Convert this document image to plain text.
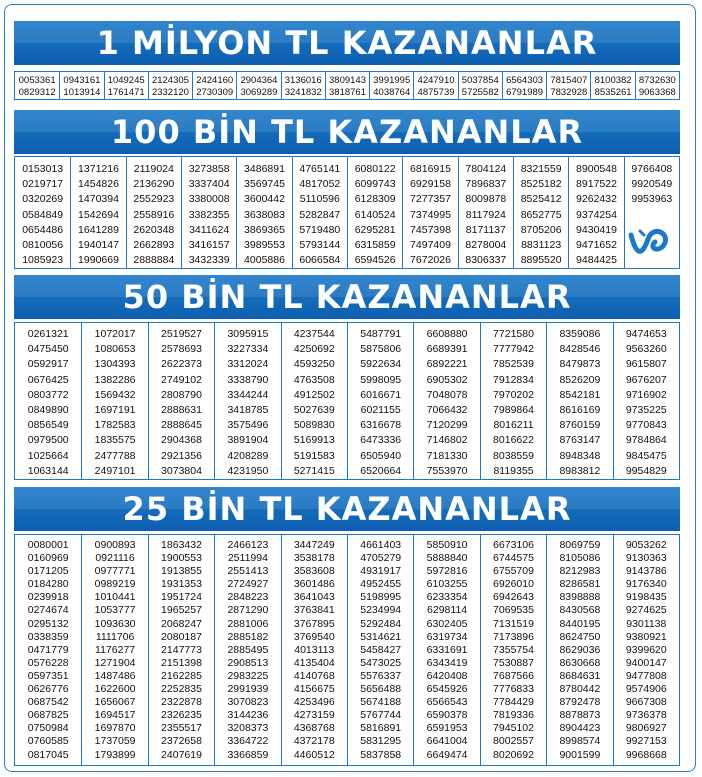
1 MİLYON TL KAZANANLAR
0053361
0829312
0943161
1013914
1049245
1761471
2124305
2332120
2424160
2730309
2904364
3069289
3136016
3241832
3809143
3818761
3991995
4038764
4247910
4875739
5037854
5725582
6564303
6791989
7815407
7832928
8100382
8535261
8732630
9063368
100 BİN TL KAZANANLAR
0153013
0219717
0320269
0584849
0654486
0810056
1085923
1371216
1454826
1470394
1542694
1641289
1940147
1990669
2119024
2136290
2552923
2558916
2620348
2662893
2888884
3273858
3337404
3380008
3382355
3411624
3416157
3432339
3486891
3569745
3600442
3638083
3869365
3989553
4005886
4765141
4817052
5110596
5282847
5719480
5793144
6066584
6080122
6099743
6128309
6140524
6295281
6315859
6594526
6816915
6929158
7277357
7374995
7457398
7497409
7672026
7804124
7896837
8009878
8117924
8171137
8278004
8306337
8321559
8525182
8525412
8652775
8705206
8831123
8895520
8900548
8917522
9262432
9374254
9430419
9471652
9484425
9766408
9920549
9953963
50 BİN TL KAZANANLAR
0261321
0475450
0592917
0676425
0803772
0849890
0856549
0979500
1025664
1063144
1072017
1080653
1304393
1382286
1569432
1697191
1782583
1835575
2477788
2497101
2519527
2578693
2622373
2749102
2808790
2888631
2888645
2904368
2921356
3073804
3095915
3227334
3312024
3338790
3344244
3418785
3575496
3891904
4208289
4231950
4237544
4250692
4593250
4763508
4912502
5027639
5089830
5169913
5191583
5271415
5487791
5875806
5922634
5998095
6016671
6021155
6316678
6473336
6505940
6520664
6608880
6689391
6892221
6905302
7048078
7066432
7120299
7146802
7181330
7553970
7721580
7777942
7852539
7912834
7970202
7989864
8016211
8016622
8038559
8119355
8359086
8428546
8479873
8526209
8542181
8616169
8760159
8763147
8948348
8983812
9474653
9563260
9615807
9676207
9716902
9735225
9770843
9784864
9845475
9954829
25 BİN TL KAZANANLAR
0080001
0160969
0171205
0184280
0239918
0274674
0295132
0338359
0471779
0576228
0597351
0626776
0687542
0687825
0750984
0760585
0817045
0900893
0921116
0977771
0989219
1010441
1053777
1093630
1111706
1176277
1271904
1487486
1622600
1656067
1694517
1697870
1737059
1793899
1863432
1900553
1913855
1931353
1951724
1965257
2068247
2080187
2147773
2151398
2162285
2252835
2322878
2326235
2355517
2372658
2407619
2466123
2511994
2551413
2724927
2848223
2871290
2881006
2885182
2885495
2908513
2983225
2991939
3070823
3144236
3208373
3364722
3366859
3447249
3538178
3583608
3601486
3641043
3763841
3767895
3769540
4013113
4135404
4140768
4156675
4253496
4273159
4368768
4372178
4460512
4661403
4705279
4931917
4952455
5198995
5234994
5292484
5314621
5458427
5473025
5576337
5656488
5674188
5767744
5816891
5831295
5837858
5850910
5888840
5972816
6103255
6233354
6298114
6302405
6319734
6331691
6343419
6420408
6545926
6566543
6590378
6591953
6641004
6649474
6673106
6744575
6755709
6926010
6942643
7069535
7131519
7173896
7355754
7530887
7687566
7776833
7784429
7819336
7945102
8002557
8020692
8069759
8105086
8212983
8286581
8398888
8430568
8440195
8624750
8629036
8630668
8684631
8780442
8792478
8878873
8904423
8998574
9001599
9053262
9130363
9143786
9176340
9198435
9274625
9301138
9380921
9399620
9400147
9477808
9574906
9667308
9736378
9806927
9927153
9968668
